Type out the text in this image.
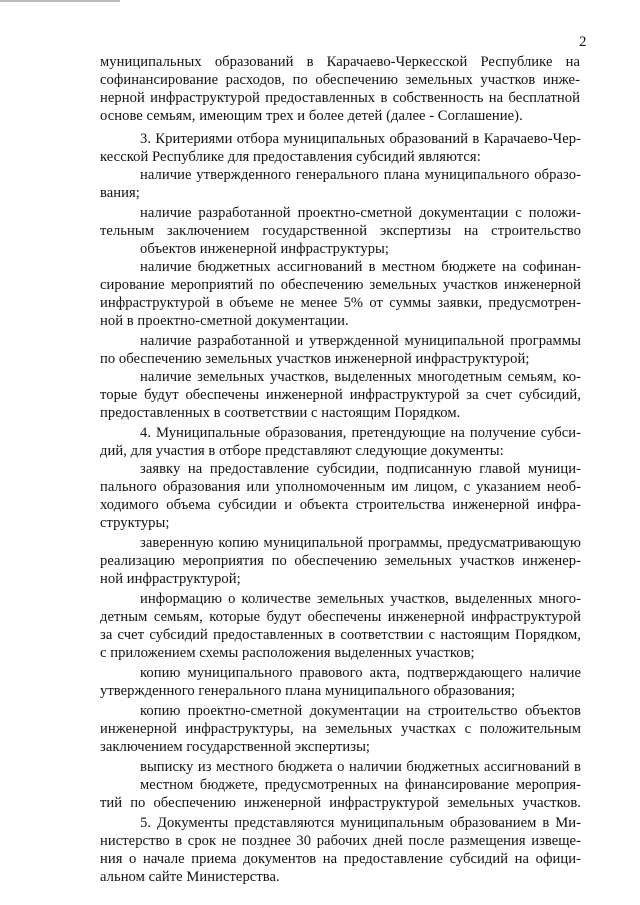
2
муниципальных образований в Карачаево-Черкесской Республике на
софинансирование расходов, по обеспечению земельных участков инже-
нерной инфраструктурой предоставленных в собственность на бесплатной
основе семьям, имеющим трех и более детей (далее - Соглашение).
3. Критериями отбора муниципальных образований в Карачаево-Чер-
кесской Республике для предоставления субсидий являются:
наличие утвержденного генерального плана муниципального образо-
вания;
наличие разработанной проектно-сметной документации с положи-
тельным заключением государственной экспертизы на строительство
объектов инженерной инфраструктуры;
наличие бюджетных ассигнований в местном бюджете на софинан-
сирование мероприятий по обеспечению земельных участков инженерной
инфраструктурой в объеме не менее 5% от суммы заявки, предусмотрен-
ной в проектно-сметной документации.
наличие разработанной и утвержденной муниципальной программы
по обеспечению земельных участков инженерной инфраструктурой;
наличие земельных участков, выделенных многодетным семьям, ко-
торые будут обеспечены инженерной инфраструктурой за счет субсидий,
предоставленных в соответствии с настоящим Порядком.
4. Муниципальные образования, претендующие на получение субси-
дий, для участия в отборе представляют следующие документы:
заявку на предоставление субсидии, подписанную главой муници-
пального образования или уполномоченным им лицом, с указанием необ-
ходимого объема субсидии и объекта строительства инженерной инфра-
структуры;
заверенную копию муниципальной программы, предусматривающую
реализацию мероприятия по обеспечению земельных участков инженер-
ной инфраструктурой;
информацию о количестве земельных участков, выделенных много-
детным семьям, которые будут обеспечены инженерной инфраструктурой
за счет субсидий предоставленных в соответствии с настоящим Порядком,
с приложением схемы расположения выделенных участков;
копию муниципального правового акта, подтверждающего наличие
утвержденного генерального плана муниципального образования;
копию проектно-сметной документации на строительство объектов
инженерной инфраструктуры, на земельных участках с положительным
заключением государственной экспертизы;
выписку из местного бюджета о наличии бюджетных ассигнований в
местном бюджете, предусмотренных на финансирование мероприя-
тий по обеспечению инженерной инфраструктурой земельных участков.
5. Документы представляются муниципальным образованием в Ми-
нистерство в срок не позднее 30 рабочих дней после размещения извеще-
ния о начале приема документов на предоставление субсидий на офици-
альном сайте Министерства.
